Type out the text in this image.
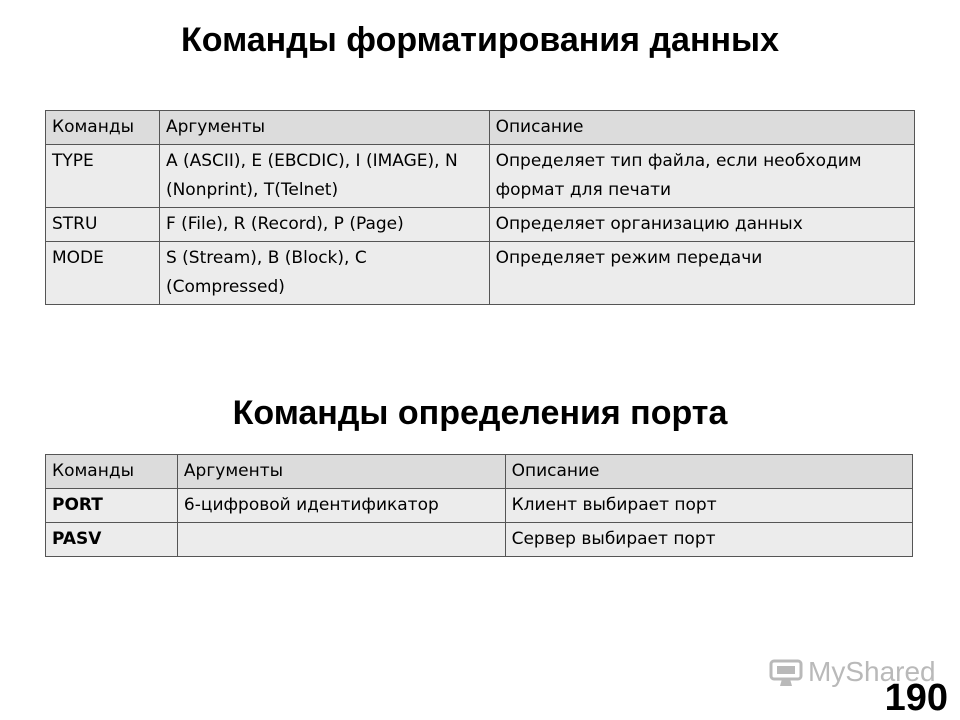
Команды форматирования данных
Команды	Аргументы	Описание
TYPE	A (ASCII), E (EBCDIC), I (IMAGE), N (Nonprint), T(Telnet)	Определяет тип файла, если необходим формат для печати
STRU	F (File), R (Record), P (Page)	Определяет организацию данных
MODE	S (Stream), B (Block), C (Compressed)	Определяет режим передачи
Команды определения порта
Команды	Аргументы	Описание
PORT	6-цифровой идентификатор	Клиент выбирает порт
PASV		Сервер выбирает порт
MyShared
190
